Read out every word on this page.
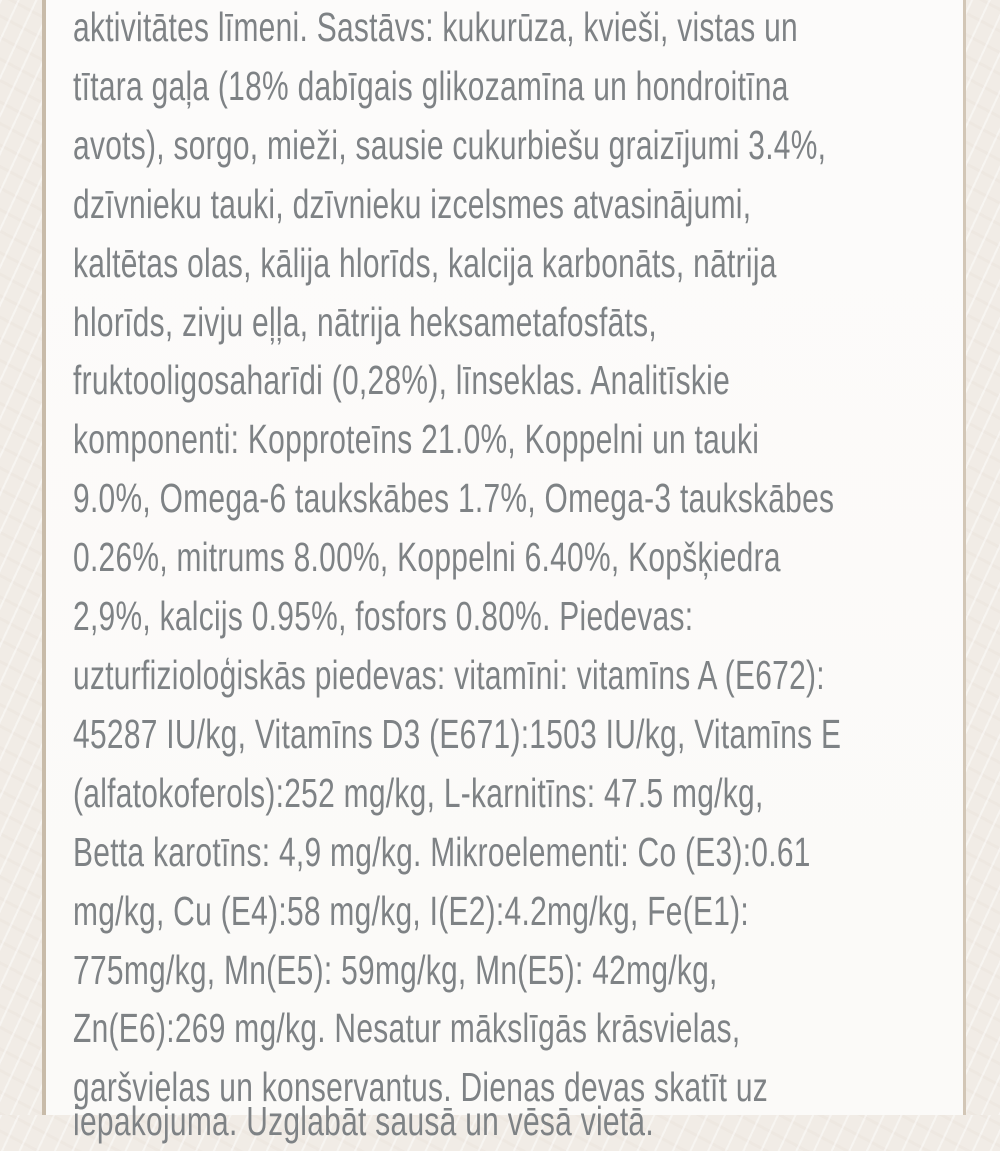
aktivitātes līmeni. Sastāvs: kukurūza, kvieši, vistas un
tītara gaļa (18% dabīgais glikozamīna un hondroitīna
avots), sorgo, mieži, sausie cukurbiešu graizījumi 3.4%,
dzīvnieku tauki, dzīvnieku izcelsmes atvasinājumi,
kaltētas olas, kālija hlorīds, kalcija karbonāts, nātrija
hlorīds, zivju eļļa, nātrija heksametafosfāts,
fruktooligosaharīdi (0,28%), līnseklas. Analitīskie
komponenti: Kopproteīns 21.0%, Koppelni un tauki
9.0%, Omega-6 taukskābes 1.7%, Omega-3 taukskābes
0.26%, mitrums 8.00%, Koppelni 6.40%, Kopšķiedra
2,9%, kalcijs 0.95%, fosfors 0.80%. Piedevas:
uzturfizioloģiskās piedevas: vitamīni: vitamīns A (E672):
45287 IU/kg, Vitamīns D3 (E671):1503 IU/kg, Vitamīns E
(alfatokoferols):252 mg/kg, L-karnitīns: 47.5 mg/kg,
Betta karotīns: 4,9 mg/kg. Mikroelementi: Co (E3):0.61
mg/kg, Cu (E4):58 mg/kg, I(E2):4.2mg/kg, Fe(E1):
775mg/kg, Mn(E5): 59mg/kg, Mn(E5): 42mg/kg,
Zn(E6):269 mg/kg. Nesatur mākslīgās krāsvielas,
garšvielas un konservantus. Dienas devas skatīt uz
iepakojuma. Uzglabāt sausā un vēsā vietā.
